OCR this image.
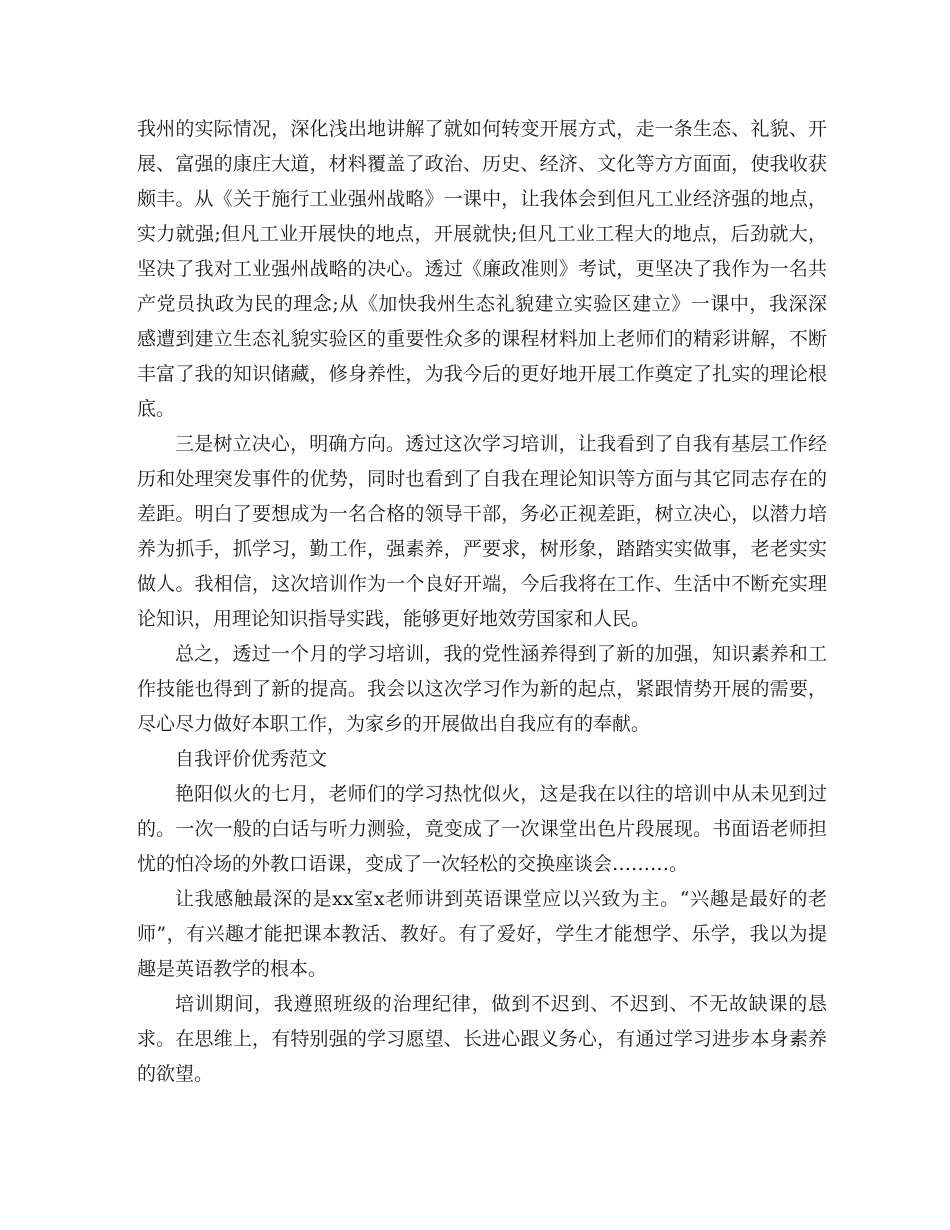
我州的实际情况，深化浅出地讲解了就如何转变开展方式，走一条生态、礼貌、开展、富强的康庄大道，材料覆盖了政治、历史、经济、文化等方方面面，使我收获颇丰。从《关于施行工业强州战略》一课中，让我体会到但凡工业经济强的地点，实力就强;但凡工业开展快的地点，开展就快;但凡工业工程大的地点，后劲就大，坚决了我对工业强州战略的决心。透过《廉政准则》考试，更坚决了我作为一名共产党员执政为民的理念;从《加快我州生态礼貌建立实验区建立》一课中，我深深感遭到建立生态礼貌实验区的重要性众多的课程材料加上老师们的精彩讲解，不断丰富了我的知识储藏，修身养性，为我今后的更好地开展工作奠定了扎实的理论根底。

三是树立决心，明确方向。透过这次学习培训，让我看到了自我有基层工作经历和处理突发事件的优势，同时也看到了自我在理论知识等方面与其它同志存在的差距。明白了要想成为一名合格的领导干部，务必正视差距，树立决心，以潜力培养为抓手，抓学习，勤工作，强素养，严要求，树形象，踏踏实实做事，老老实实做人。我相信，这次培训作为一个良好开端，今后我将在工作、生活中不断充实理论知识，用理论知识指导实践，能够更好地效劳国家和人民。

总之，透过一个月的学习培训，我的党性涵养得到了新的加强，知识素养和工作技能也得到了新的提高。我会以这次学习作为新的起点，紧跟情势开展的需要，尽心尽力做好本职工作，为家乡的开展做出自我应有的奉献。

自我评价优秀范文

艳阳似火的七月，老师们的学习热忱似火，这是我在以往的培训中从未见到过的。一次一般的白话与听力测验，竟变成了一次课堂出色片段展现。书面语老师担忧的怕冷场的外教口语课，变成了一次轻松的交换座谈会………。

让我感触最深的是xx室x老师讲到英语课堂应以兴致为主。“兴趣是最好的老师”，有兴趣才能把课本教活、教好。有了爱好，学生才能想学、乐学，我以为提趣是英语教学的根本。

培训期间，我遵照班级的治理纪律，做到不迟到、不迟到、不无故缺课的恳求。在思维上，有特别强的学习愿望、长进心跟义务心，有通过学习进步本身素养的欲望。
